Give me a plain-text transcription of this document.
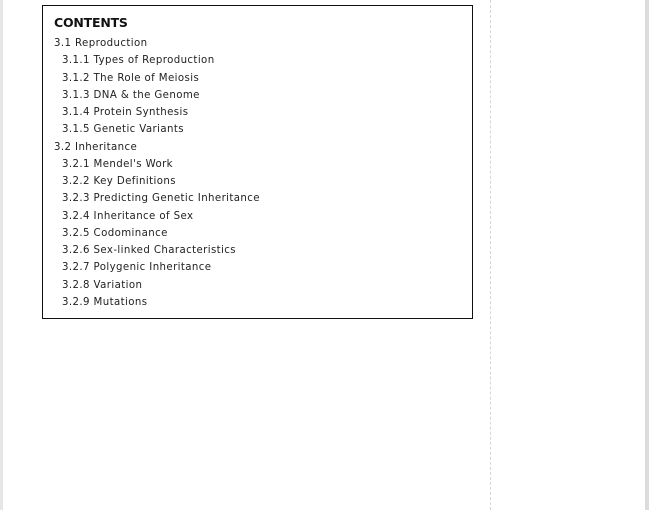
CONTENTS
3.1 Reproduction
3.1.1 Types of Reproduction
3.1.2 The Role of Meiosis
3.1.3 DNA & the Genome
3.1.4 Protein Synthesis
3.1.5 Genetic Variants
3.2 Inheritance
3.2.1 Mendel's Work
3.2.2 Key Definitions
3.2.3 Predicting Genetic Inheritance
3.2.4 Inheritance of Sex
3.2.5 Codominance
3.2.6 Sex-linked Characteristics
3.2.7 Polygenic Inheritance
3.2.8 Variation
3.2.9 Mutations
